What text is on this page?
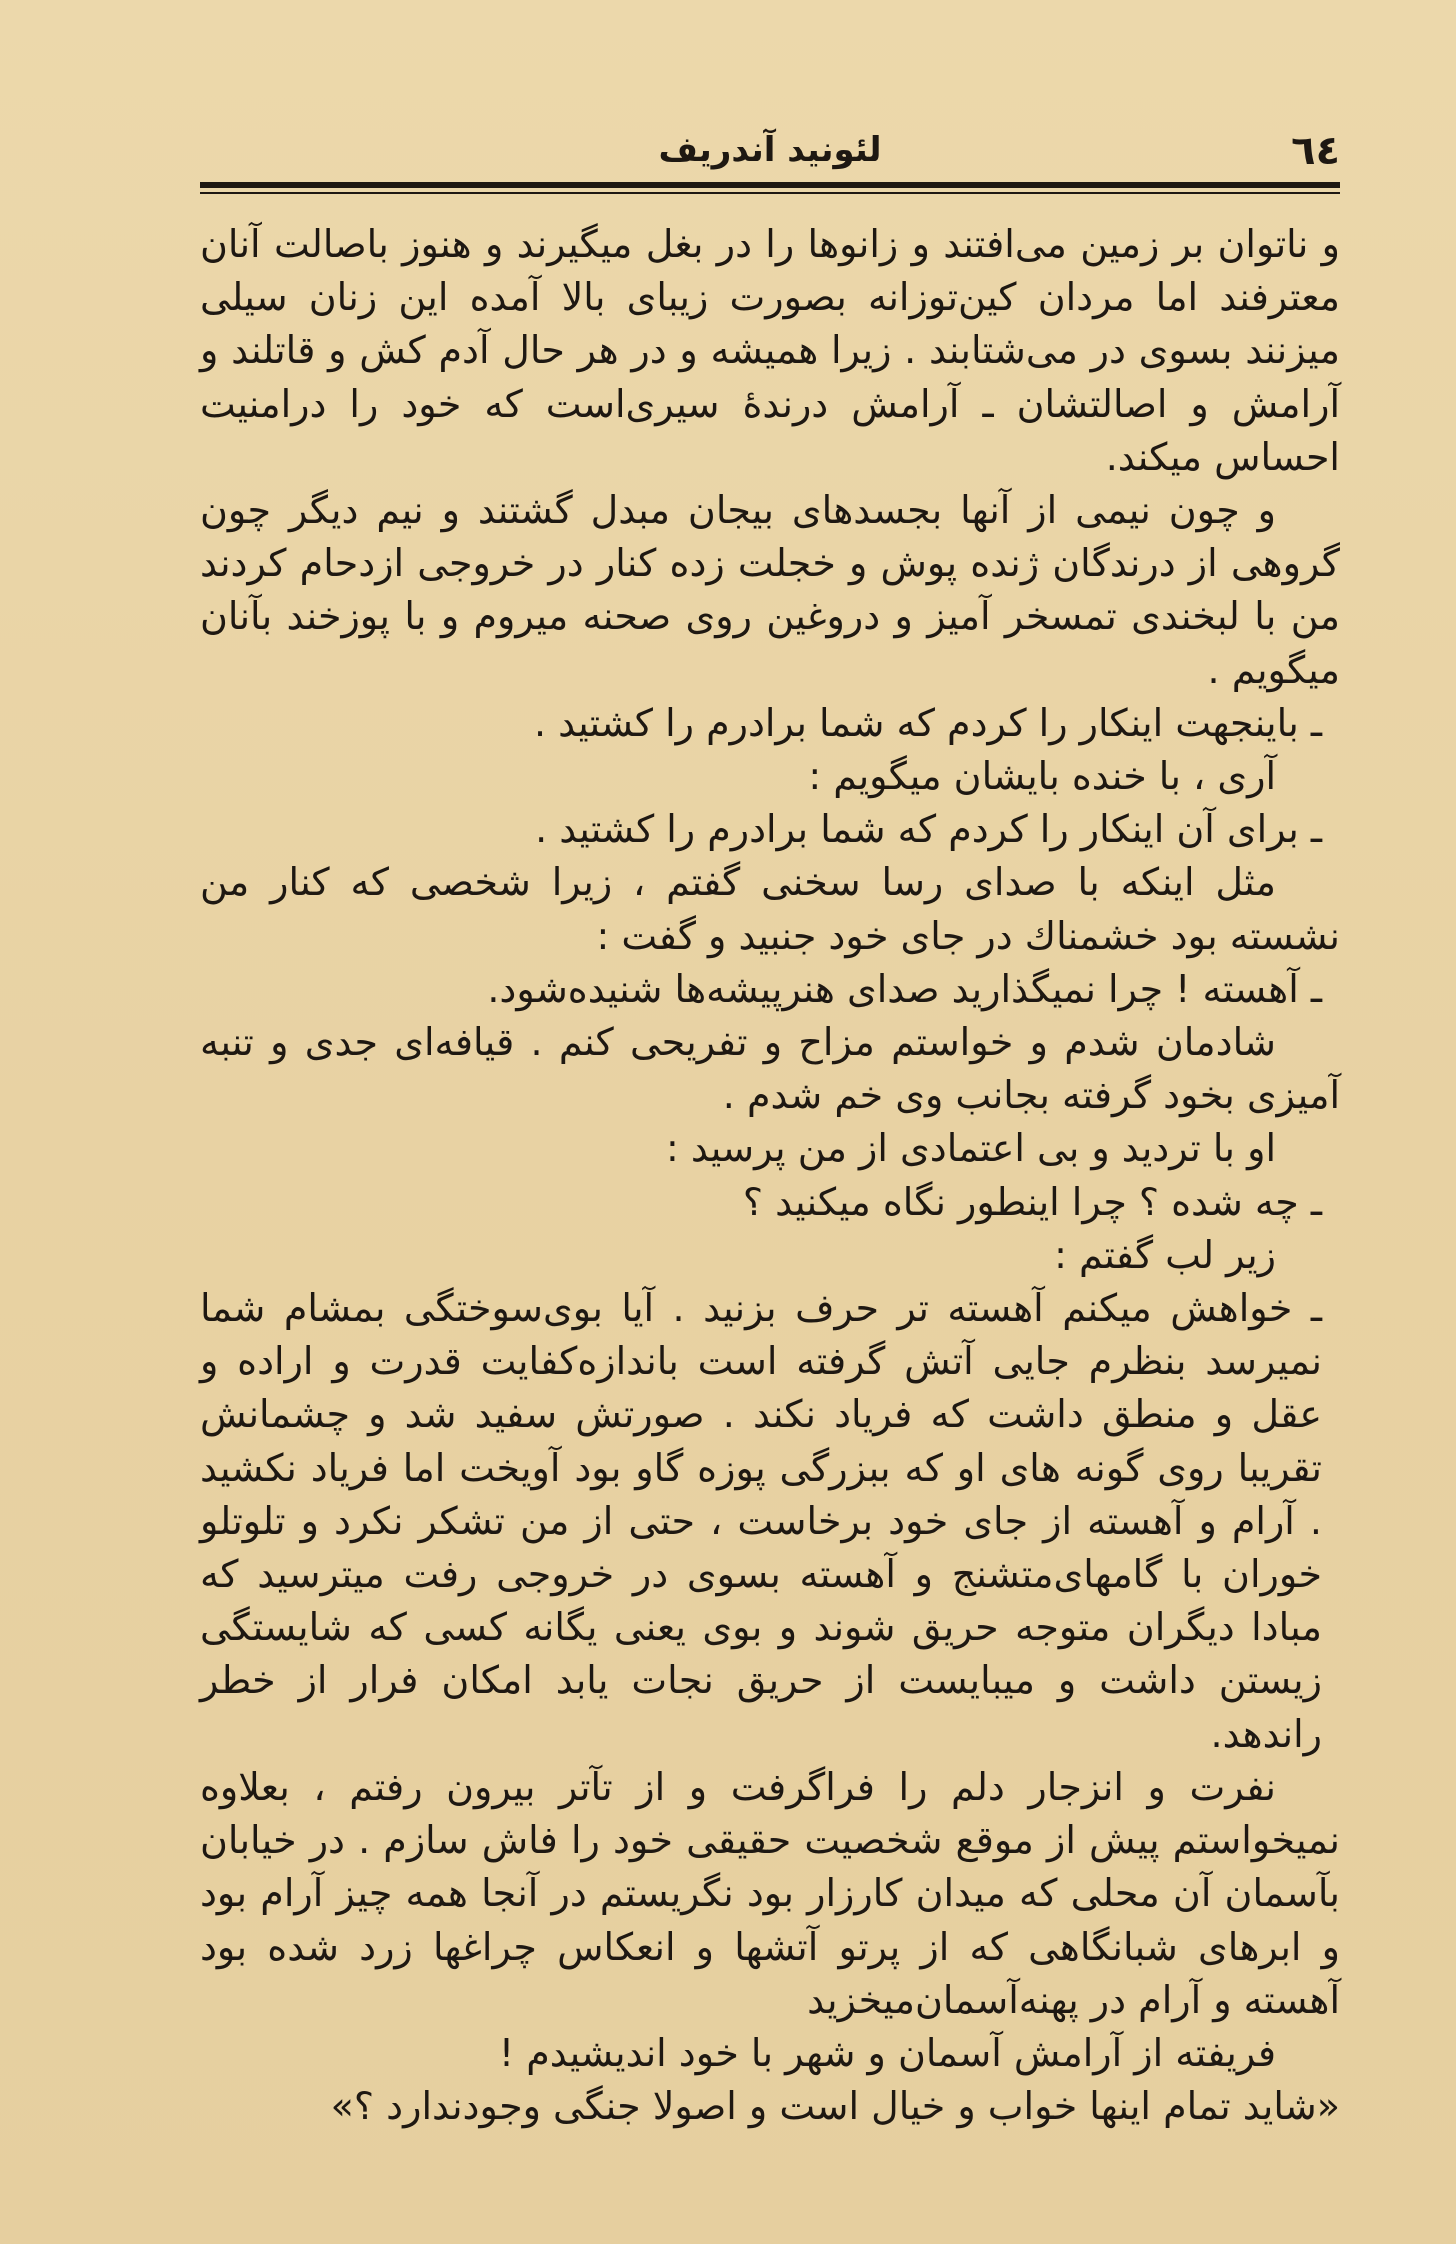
٦٤
لئونید آندریف

و ناتوان بر زمین می‌افتند و زانوها را در بغل میگیرند و هنوز باصالت آنان معترفند اما مردان کین‌توزانه بصورت زیبای بالا آمده این زنان سیلی میزنند بسوی در می‌شتابند . زیرا همیشه و در هر حال آدم کش و قاتلند و آرامش و اصالتشان ـ آرامش درندهٔ سیری‌است که خود را درامنیت احساس میکند.

و چون نیمی از آنها بجسدهای بیجان مبدل گشتند و نیم دیگر چون گروهی از درندگان ژنده پوش و خجلت زده کنار در خروجی ازدحام کردند من با لبخندی تمسخر آمیز و دروغین روی صحنه میروم و با پوزخند بآنان میگویم .

ـ باینجهت اینکار را کردم که شما برادرم را کشتید .

آری ، با خنده بایشان میگویم :

ـ برای آن اینکار را کردم که شما برادرم را کشتید .

مثل اینکه با صدای رسا سخنی گفتم ، زیرا شخصی که کنار من نشسته بود خشمناك در جای خود جنبید و گفت :

ـ آهسته ! چرا نمیگذارید صدای هنرپیشه‌ها شنیده‌شود.

شادمان شدم و خواستم مزاح و تفریحی کنم . قیافه‌ای جدی و تنبه آمیزی بخود گرفته بجانب وی خم شدم .

او با تردید و بی اعتمادی از من پرسید :

ـ چه شده ؟ چرا اینطور نگاه میکنید ؟

زیر لب گفتم :

ـ خواهش میکنم آهسته تر حرف بزنید . آیا بوی‌سوختگی بمشام شما نمیرسد بنظرم جایی آتش گرفته است باندازه‌کفایت قدرت و اراده و عقل و منطق داشت که فریاد نکند . صورتش سفید شد و چشمانش تقریبا روی گونه های او که ببزرگی پوزه گاو بود آویخت اما فریاد نکشید . آرام و آهسته از جای خود برخاست ، حتی از من تشکر نکرد و تلوتلو خوران با گامهای‌متشنج و آهسته بسوی در خروجی رفت میترسید که مبادا دیگران متوجه حریق شوند و بوی یعنی یگانه کسی که شایستگی زیستن داشت و میبایست از حریق نجات یابد امکان فرار از خطر راندهد.

نفرت و انزجار دلم را فراگرفت و از تآتر بیرون رفتم ، بعلاوه نمیخواستم پیش از موقع شخصیت حقیقی خود را فاش سازم . در خیابان بآسمان آن محلی که میدان کارزار بود نگریستم در آنجا همه چیز آرام بود و ابرهای شبانگاهی که از پرتو آتشها و انعکاس چراغها زرد شده بود آهسته و آرام در پهنه‌آسمان‌میخزید

فریفته از آرامش آسمان و شهر با خود اندیشیدم !

«شاید تمام اینها خواب و خیال است و اصولا جنگی وجودندارد ؟»
